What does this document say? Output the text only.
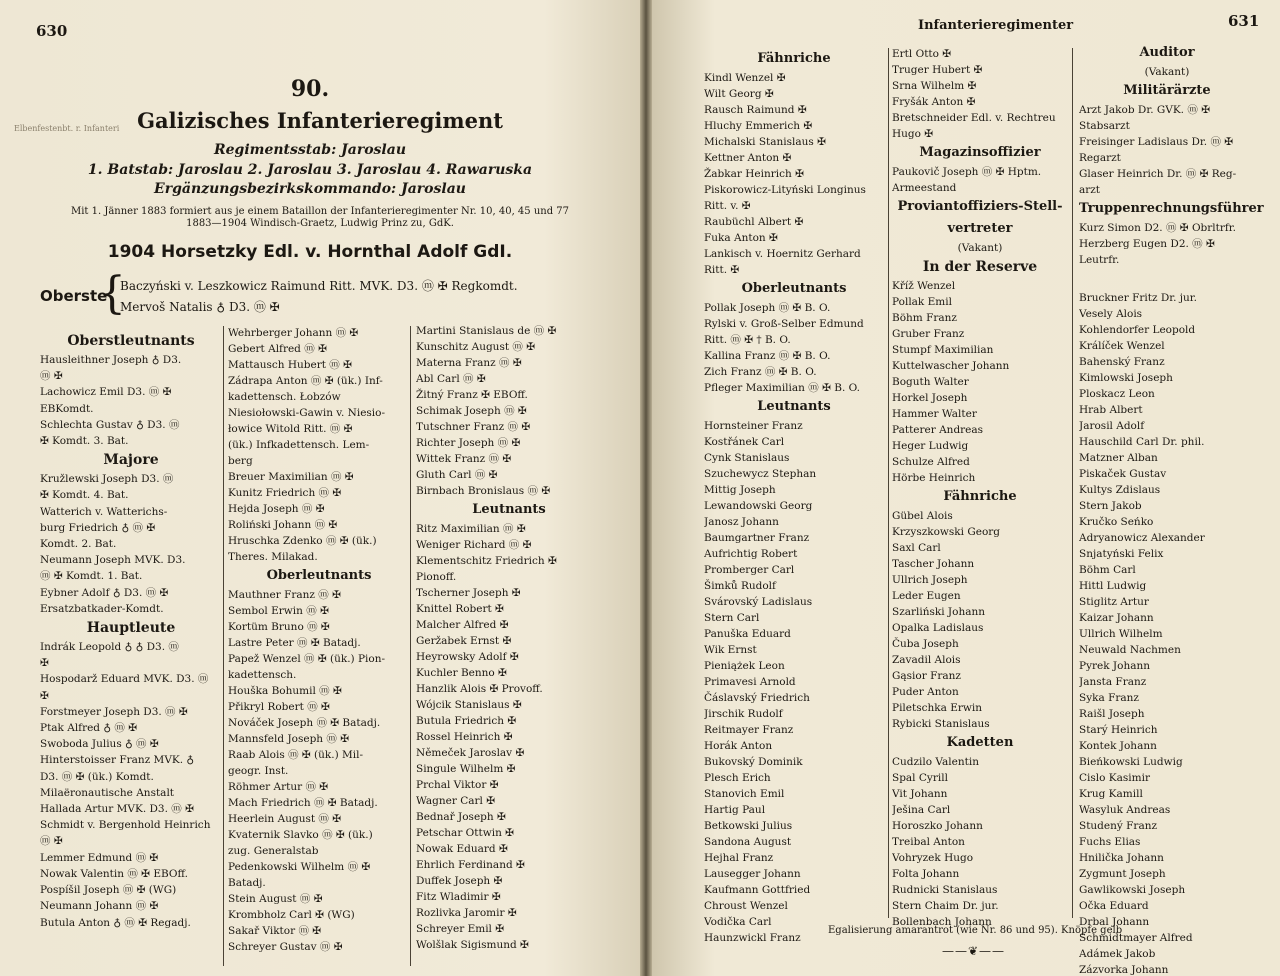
630
90.
Elbenfestenbt. r. Infanteri Galizisches Infanterieregiment
Regimentsstab: Jaroslau
1. Batstab: Jaroslau 2. Jaroslau 3. Jaroslau 4. Rawaruska
Ergänzungsbezirkskommando: Jaroslau
Mit 1. Jänner 1883 formiert aus je einem Bataillon der Infanterieregimenter Nr. 10, 40, 45 und 77
1883—1904 Windisch-Graetz, Ludwig Prinz zu, GdK.
1904 Horsetzky Edl. v. Hornthal Adolf GdI.
Oberste
{
Baczyński v. Leszkowicz Raimund Ritt. MVK. D3. ⓜ ✠ Regkomdt.
Mervoš Natalis ♁ D3. ⓜ ✠
Oberstleutnants
Hausleithner Joseph ♁ D3.
ⓜ ✠
Lachowicz Emil D3. ⓜ ✠
EBKomdt.
Schlechta Gustav ♁ D3. ⓜ
✠ Komdt. 3. Bat.
Majore
Kružlewski Joseph D3. ⓜ
✠ Komdt. 4. Bat.
Watterich v. Watterichs-
burg Friedrich ♁ ⓜ ✠
Komdt. 2. Bat.
Neumann Joseph MVK. D3.
ⓜ ✠ Komdt. 1. Bat.
Eybner Adolf ♁ D3. ⓜ ✠
Ersatzbatkader-Komdt.
Hauptleute
Indrák Leopold ♁ ♁ D3. ⓜ
✠
Hospodarž Eduard MVK. D3. ⓜ
✠
Forstmeyer Joseph D3. ⓜ ✠
Ptak Alfred ♁ ⓜ ✠
Swoboda Julius ♁ ⓜ ✠
Hinterstoisser Franz MVK. ♁
D3. ⓜ ✠ (ük.) Komdt.
Milaëronautische Anstalt
Hallada Artur MVK. D3. ⓜ ✠
Schmidt v. Bergenhold Heinrich
ⓜ ✠
Lemmer Edmund ⓜ ✠
Nowak Valentin ⓜ ✠ EBOff.
Pospíšil Joseph ⓜ ✠ (WG)
Neumann Johann ⓜ ✠
Butula Anton ♁ ⓜ ✠ Regadj.
Wehrberger Johann ⓜ ✠
Gebert Alfred ⓜ ✠
Mattausch Hubert ⓜ ✠
Zádrapa Anton ⓜ ✠ (ük.) Inf-
kadettensch. Łobzów
Niesiołowski-Gawin v. Niesio-
łowice Witold Ritt. ⓜ ✠
(ük.) Infkadettensch. Lem-
berg
Breuer Maximilian ⓜ ✠
Kunitz Friedrich ⓜ ✠
Hejda Joseph ⓜ ✠
Roliński Johann ⓜ ✠
Hruschka Zdenko ⓜ ✠ (ük.)
Theres. Milakad.
Oberleutnants
Mauthner Franz ⓜ ✠
Sembol Erwin ⓜ ✠
Kortüm Bruno ⓜ ✠
Lastre Peter ⓜ ✠ Batadj.
Papež Wenzel ⓜ ✠ (ük.) Pion-
kadettensch.
Houška Bohumil ⓜ ✠
Přikryl Robert ⓜ ✠
Nováček Joseph ⓜ ✠ Batadj.
Mannsfeld Joseph ⓜ ✠
Raab Alois ⓜ ✠ (ük.) Mil-
geogr. Inst.
Röhmer Artur ⓜ ✠
Mach Friedrich ⓜ ✠ Batadj.
Heerlein August ⓜ ✠
Kvaternik Slavko ⓜ ✠ (ük.)
zug. Generalstab
Pedenkowski Wilhelm ⓜ ✠
Batadj.
Stein August ⓜ ✠
Krombholz Carl ✠ (WG)
Sakař Viktor ⓜ ✠
Schreyer Gustav ⓜ ✠
Martini Stanislaus de ⓜ ✠
Kunschitz August ⓜ ✠
Materna Franz ⓜ ✠
Abl Carl ⓜ ✠
Žitný Franz ✠ EBOff.
Schimak Joseph ⓜ ✠
Tutschner Franz ⓜ ✠
Richter Joseph ⓜ ✠
Wittek Franz ⓜ ✠
Gluth Carl ⓜ ✠
Birnbach Bronislaus ⓜ ✠
Leutnants
Ritz Maximilian ⓜ ✠
Weniger Richard ⓜ ✠
Klementschitz Friedrich ✠
Pionoff.
Tscherner Joseph ✠
Knittel Robert ✠
Malcher Alfred ✠
Geržabek Ernst ✠
Heyrowsky Adolf ✠
Kuchler Benno ✠
Hanzlik Alois ✠ Provoff.
Wójcik Stanislaus ✠
Butula Friedrich ✠
Rossel Heinrich ✠
Němeček Jaroslav ✠
Singule Wilhelm ✠
Prchal Viktor ✠
Wagner Carl ✠
Bednař Joseph ✠
Petschar Ottwin ✠
Nowak Eduard ✠
Ehrlich Ferdinand ✠
Duffek Joseph ✠
Fitz Wladimir ✠
Rozlivka Jaromir ✠
Schreyer Emil ✠
Wolšlak Sigismund ✠
Infanterieregimenter	631
Fähnriche
Kindl Wenzel ✠
Wilt Georg ✠
Rausch Raimund ✠
Hluchy Emmerich ✠
Michalski Stanislaus ✠
Kettner Anton ✠
Žabkar Heinrich ✠
Piskorowicz-Lityński Longinus
Ritt. v. ✠
Raubüchl Albert ✠
Fuka Anton ✠
Lankisch v. Hoernitz Gerhard
Ritt. ✠
Oberleutnants
Pollak Joseph ⓜ ✠ B. O.
Rylski v. Groß-Selber Edmund
Ritt. ⓜ ✠ † B. O.
Kallina Franz ⓜ ✠ B. O.
Zich Franz ⓜ ✠ B. O.
Pfleger Maximilian ⓜ ✠ B. O.
Leutnants
Hornsteiner Franz
Kostřánek Carl
Cynk Stanislaus
Szuchewycz Stephan
Mittig Joseph
Lewandowski Georg
Janosz Johann
Baumgartner Franz
Aufrichtig Robert
Promberger Carl
Šimků Rudolf
Svárovský Ladislaus
Stern Carl
Panuška Eduard
Wik Ernst
Pieniążek Leon
Primavesi Arnold
Čáslavský Friedrich
Jirschik Rudolf
Reitmayer Franz
Horák Anton
Bukovský Dominik
Plesch Erich
Stanovich Emil
Hartig Paul
Betkowski Julius
Sandona August
Hejhal Franz
Lausegger Johann
Kaufmann Gottfried
Chroust Wenzel
Vodička Carl
Haunzwickl Franz
Ertl Otto ✠
Truger Hubert ✠
Srna Wilhelm ✠
Fryšák Anton ✠
Bretschneider Edl. v. Rechtreu
Hugo ✠
Magazinsoffizier
Paukovič Joseph ⓜ ✠ Hptm.
Armeestand
Proviantoffiziers-Stell-
vertreter
(Vakant)
In der Reserve
Kříž Wenzel
Pollak Emil
Böhm Franz
Gruber Franz
Stumpf Maximilian
Kuttelwascher Johann
Boguth Walter
Horkel Joseph
Hammer Walter
Patterer Andreas
Heger Ludwig
Schulze Alfred
Hörbe Heinrich
Fähnriche
Gübel Alois
Krzyszkowski Georg
Saxl Carl
Tascher Johann
Ullrich Joseph
Leder Eugen
Szarliński Johann
Opalka Ladislaus
Čuba Joseph
Zavadil Alois
Gąsior Franz
Puder Anton
Piletschka Erwin
Rybicki Stanislaus
Kadetten
Cudzilo Valentin
Spal Cyrill
Vit Johann
Ješina Carl
Horoszko Johann
Treibal Anton
Vohryzek Hugo
Folta Johann
Rudnicki Stanislaus
Stern Chaim Dr. jur.
Bollenbach Johann
Auditor
(Vakant)
Militärärzte
Arzt Jakob Dr. GVK. ⓜ ✠
Stabsarzt
Freisinger Ladislaus Dr. ⓜ ✠
Regarzt
Glaser Heinrich Dr. ⓜ ✠ Reg-
arzt
Truppenrechnungsführer
Kurz Simon D2. ⓜ ✠ Obrltrfr.
Herzberg Eugen D2. ⓜ ✠
Leutrfr.
Bruckner Fritz Dr. jur.
Vesely Alois
Kohlendorfer Leopold
Králíček Wenzel
Bahenský Franz
Kimlowski Joseph
Ploskacz Leon
Hrab Albert
Jarosil Adolf
Hauschild Carl Dr. phil.
Matzner Alban
Piskaček Gustav
Kultys Zdislaus
Stern Jakob
Kručko Seńko
Adryanowicz Alexander
Snjatyński Felix
Böhm Carl
Hittl Ludwig
Stiglitz Artur
Kaizar Johann
Ullrich Wilhelm
Neuwald Nachmen
Pyrek Johann
Jansta Franz
Syka Franz
Raišl Joseph
Starý Heinrich
Kontek Johann
Bieńkowski Ludwig
Cislo Kasimir
Krug Kamill
Wasyluk Andreas
Studený Franz
Fuchs Elias
Hnilička Johann
Zygmunt Joseph
Gawlikowski Joseph
Očka Eduard
Drbal Johann
Schmidtmayer Alfred
Adámek Jakob
Zázvorka Johann
Egalisierung amarantrot (wie Nr. 86 und 95). Knöpfe gelb
——❦——
